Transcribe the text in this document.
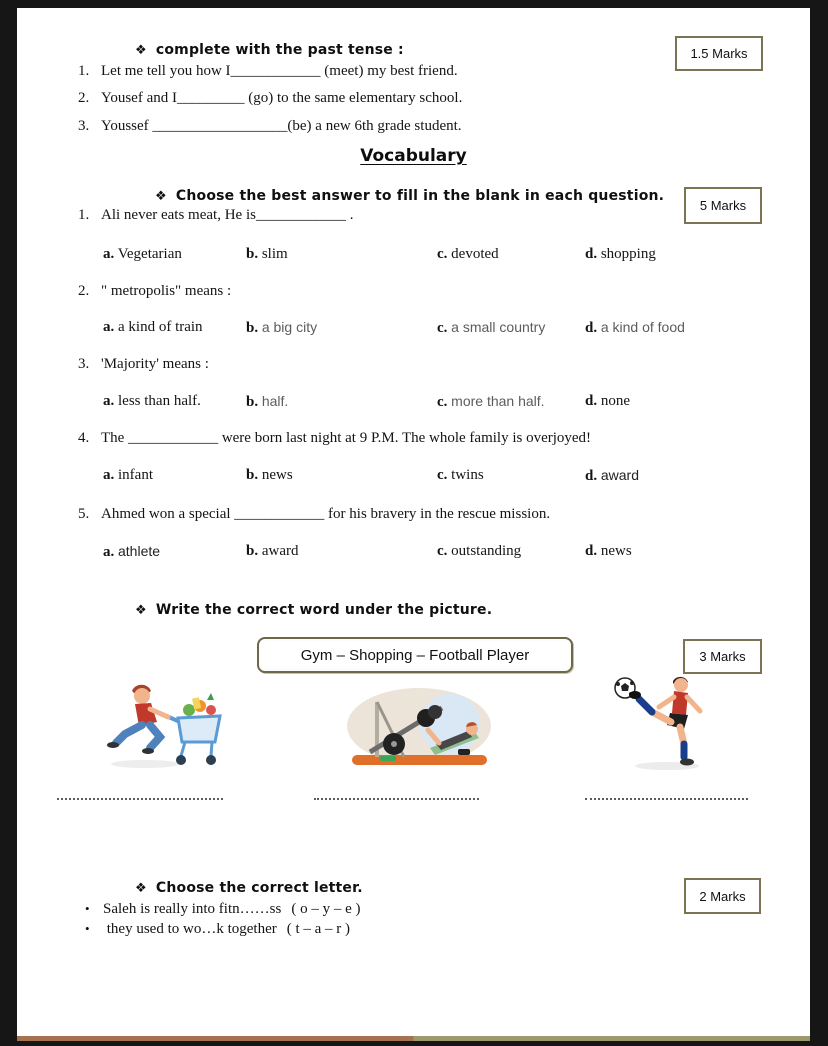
❖ complete with the past tense :	1.5 Marks
1. Let me tell you how I____________ (meet) my best friend.
2. Yousef and I_________ (go) to the same elementary school.
3. Youssef __________________(be) a new 6th grade student.
Vocabulary
❖ Choose the best answer to fill in the blank in each question.
5 Marks
1. Ali never eats meat, He is____________ .
a. Vegetarian	b. slim	c. devoted	d. shopping
2. " metropolis" means :
a. a kind of train	b. a big city	c. a small country	d. a kind of food
3. 'Majority' means :
a. less than half.	b. half.	c. more than half.	d. none
4. The ____________ were born last night at 9 P.M. The whole family is overjoyed!
a. infant	b. news	c. twins	d. award
5. Ahmed won a special ____________ for his bravery in the rescue mission.
a. athlete	b. award	c. outstanding	d. news
❖ Write the correct word under the picture.
Gym – Shopping – Football Player	3 Marks
❖ Choose the correct letter.	2 Marks
• Saleh is really into fitn……ss ( o – y – e )
• they used to wo…k together ( t – a – r )
